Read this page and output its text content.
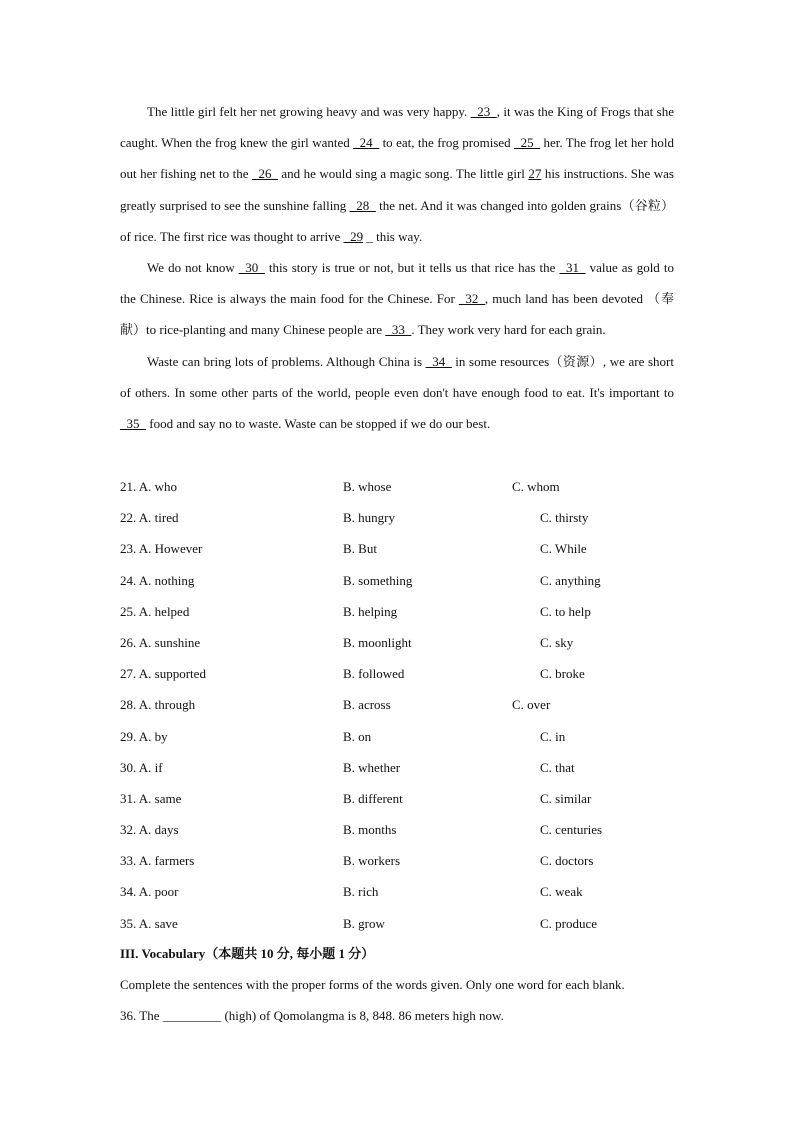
The little girl felt her net growing heavy and was very happy. _23_, it was the King of Frogs that she caught. When the frog knew the girl wanted _24_ to eat, the frog promised _25_ her. The frog let her hold out her fishing net to the _26_ and he would sing a magic song. The little girl 27 his instructions. She was greatly surprised to see the sunshine falling _28_ the net. And it was changed into golden grains（谷粒）of rice. The first rice was thought to arrive _29 _ this way.

We do not know _30_ this story is true or not, but it tells us that rice has the _31_ value as gold to the Chinese. Rice is always the main food for the Chinese. For _32_, much land has been devoted （奉献）to rice-planting and many Chinese people are _33_. They work very hard for each grain.

Waste can bring lots of problems. Although China is _34_ in some resources（资源）, we are short of others. In some other parts of the world, people even don't have enough food to eat. It's important to _35_ food and say no to waste. Waste can be stopped if we do our best.

21. A. who	B. whose	C. whom
22. A. tired	B. hungry	C. thirsty
23. A. However	B. But	C. While
24. A. nothing	B. something	C. anything
25. A. helped	B. helping	C. to help
26. A. sunshine	B. moonlight	C. sky
27. A. supported	B. followed	C. broke
28. A. through	B. across	C. over
29. A. by	B. on	C. in
30. A. if	B. whether	C. that
31. A. same	B. different	C. similar
32. A. days	B. months	C. centuries
33. A. farmers	B. workers	C. doctors
34. A. poor	B. rich	C. weak
35. A. save	B. grow	C. produce
III. Vocabulary（本题共 10 分, 每小题 1 分）
Complete the sentences with the proper forms of the words given. Only one word for each blank.
36. The _________ (high) of Qomolangma is 8, 848. 86 meters high now.
